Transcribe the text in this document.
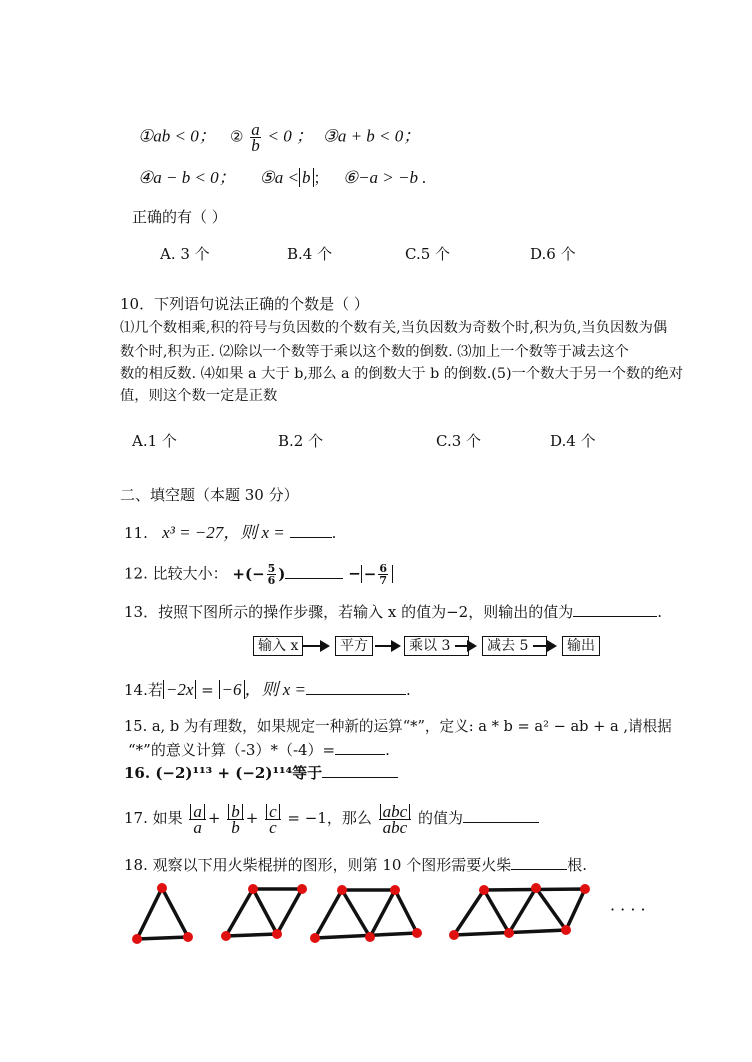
①ab < 0； ② $\frac{a}{b} < 0$ ； ③a + b < 0；
④a − b < 0； ⑤a < b ； ⑥−a > −b .
正确的有（ ）
A. 3 个	B.4 个	C.5 个	D.6 个
10．下列语句说法正确的个数是（ ）
⑴几个数相乘,积的符号与负因数的个数有关,当负因数为奇数个时,积为负,当负因数为偶
数个时,积为正. ⑵除以一个数等于乘以这个数的倒数. ⑶加上一个数等于减去这个
数的相反数. ⑷如果 a 大于 b,那么 a 的倒数大于 b 的倒数.(5)一个数大于另一个数的绝对
值，则这个数一定是正数
A.1 个	B.2 个	C.3 个	D.4 个
二、填空题（本题 30 分）
11. x³ = −27，则 x =	.
12. 比较大小： +(− $\frac{5}{6}$ )	− − $\frac{6}{7}$
13．按照下图所示的操作步骤，若输入 x 的值为−2，则输出的值为	.
输入 x	平方	乘以 3	减去 5	输出
14.若 −2x = −6 ，则 x =	.
15. a, b 为有理数，如果规定一种新的运算“*”，定义: a * b = a² − ab + a ,请根据
“*”的意义计算（-3）*（-4）=	.
16. (−2)¹¹³ + (−2)¹¹⁴等于
17. 如果 $\frac{a}{a} + \frac{b}{b} + \frac{c}{c} = -1$，那么 $\frac{\text{abc}}{\text{abc}}$ 的值为
18. 观察以下用火柴棍拼的图形，则第 10 个图形需要火柴	根.
· · · ·
